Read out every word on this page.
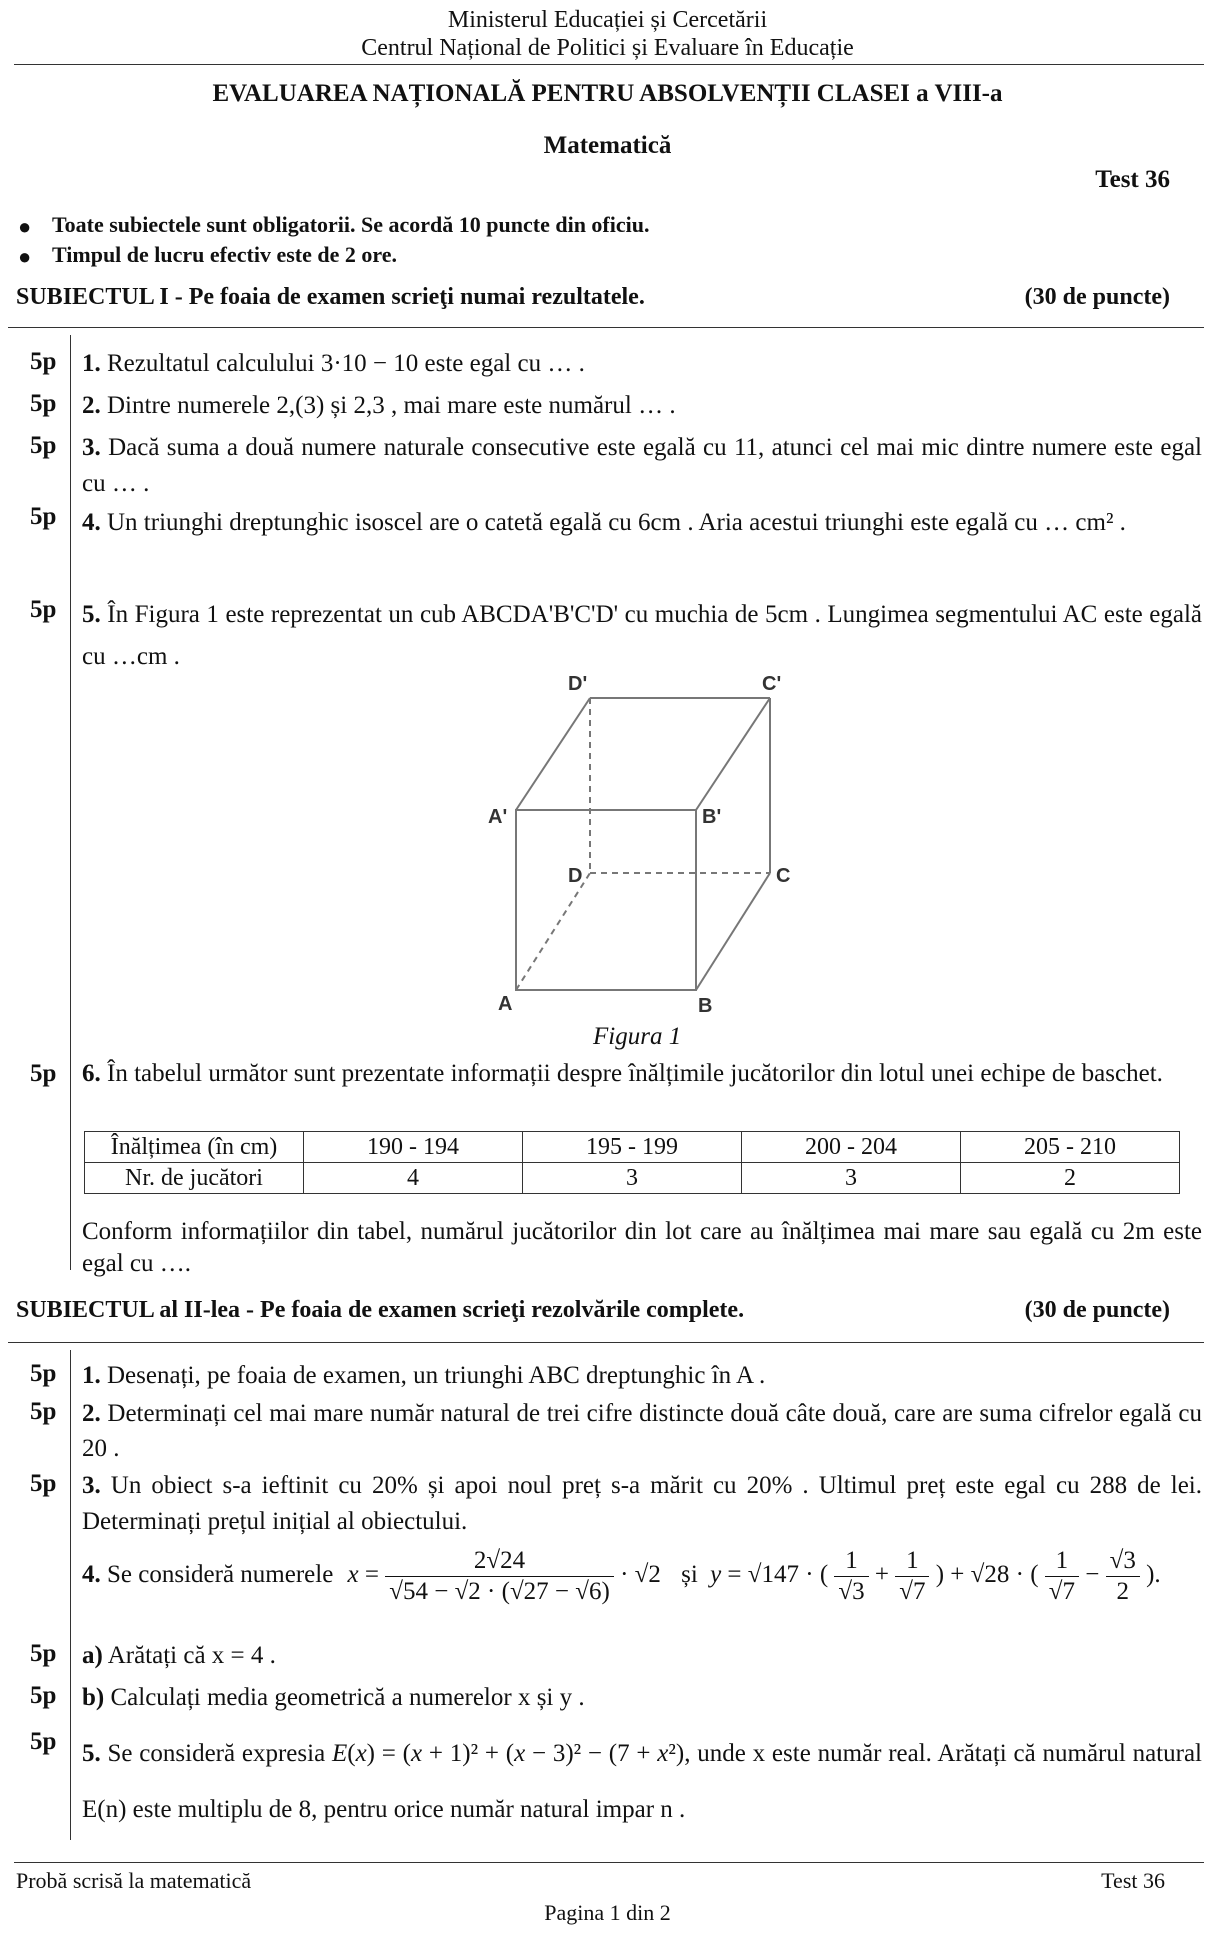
Ministerul Educației și Cercetării
Centrul Național de Politici și Evaluare în Educație
EVALUAREA NAȚIONALĂ PENTRU ABSOLVENȚII CLASEI a VIII-a
Matematică
Test 36
● Toate subiectele sunt obligatorii. Se acordă 10 puncte din oficiu.
● Timpul de lucru efectiv este de 2 ore.
SUBIECTUL I - Pe foaia de examen scrieţi numai rezultatele.	(30 de puncte)
5p	1. Rezultatul calculului 3·10 − 10 este egal cu … .
5p	2. Dintre numerele 2,(3) și 2,3 , mai mare este numărul … .
5p	3. Dacă suma a două numere naturale consecutive este egală cu 11, atunci cel mai mic dintre numere este egal cu … .
5p	4. Un triunghi dreptunghic isoscel are o catetă egală cu 6cm . Aria acestui triunghi este egală cu … cm² .
5p	5. În Figura 1 este reprezentat un cub ABCDA'B'C'D' cu muchia de 5cm . Lungimea segmentului AC este egală cu …cm .
D'	C'
A'	B'
D	C
A	B
Figura 1
5p	6. În tabelul următor sunt prezentate informații despre înălțimile jucătorilor din lotul unei echipe de baschet.
Înălțimea (în cm)	190 - 194	195 - 199	200 - 204	205 - 210
Nr. de jucători	4	3	3	2
Conform informațiilor din tabel, numărul jucătorilor din lot care au înălțimea mai mare sau egală cu 2m este egal cu ….
SUBIECTUL al II-lea - Pe foaia de examen scrieţi rezolvările complete.	(30 de puncte)
5p	1. Desenați, pe foaia de examen, un triunghi ABC dreptunghic în A .
5p	2. Determinați cel mai mare număr natural de trei cifre distincte două câte două, care are suma cifrelor egală cu 20 .
5p	3. Un obiect s-a ieftinit cu 20% și apoi noul preț s-a mărit cu 20% . Ultimul preț este egal cu 288 de lei. Determinați prețul inițial al obiectului.
4. Se consideră numerele $x = \frac{2√24}{√54 - √2 \cdot (√27 - √6)} \cdot √2$ și y = √147 · ( $\frac{1}{√3} + \frac{1}{√7}$ ) + √28 · ( $\frac{1}{√7} - \frac{√3}{2}$ ).
5p	a) Arătați că x = 4 .
5p	b) Calculați media geometrică a numerelor x și y .
5p	5. Se consideră expresia E(x) = (x + 1)² + (x − 3)² − (7 + x²), unde x este număr real. Arătați că numărul natural E(n) este multiplu de 8, pentru orice număr natural impar n .
Probă scrisă la matematică	Test 36
Pagina 1 din 2
